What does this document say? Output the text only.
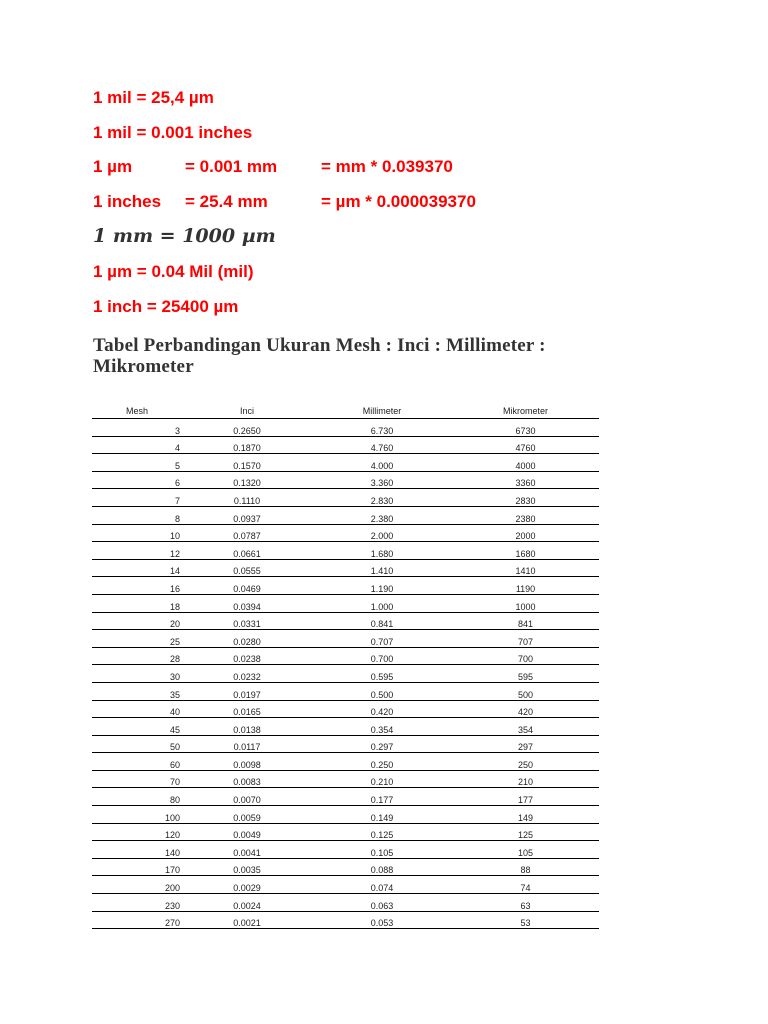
1 mil = 25,4 µm

1 mil = 0.001 inches

1 µm	= 0.001 mm	= mm * 0.039370

1 inches = 25.4 mm	= µm * 0.000039370

1 mm = 1000 µm

1 µm = 0.04 Mil (mil)

1 inch = 25400 µm

Tabel Perbandingan Ukuran Mesh : Inci : Millimeter : Mikrometer
Mesh	Inci	Millimeter	Mikrometer
3	0.2650	6.730	6730
4	0.1870	4.760	4760
5	0.1570	4.000	4000
6	0.1320	3.360	3360
7	0.1110	2.830	2830
8	0.0937	2.380	2380
10	0.0787	2.000	2000
12	0.0661	1.680	1680
14	0.0555	1.410	1410
16	0.0469	1.190	1190
18	0.0394	1.000	1000
20	0.0331	0.841	841
25	0.0280	0.707	707
28	0.0238	0.700	700
30	0.0232	0.595	595
35	0.0197	0.500	500
40	0.0165	0.420	420
45	0.0138	0.354	354
50	0.0117	0.297	297
60	0.0098	0.250	250
70	0.0083	0.210	210
80	0.0070	0.177	177
100	0.0059	0.149	149
120	0.0049	0.125	125
140	0.0041	0.105	105
170	0.0035	0.088	88
200	0.0029	0.074	74
230	0.0024	0.063	63
270	0.0021	0.053	53
